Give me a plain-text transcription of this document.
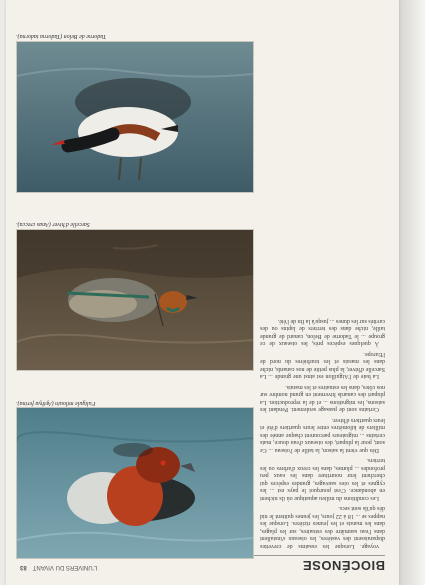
BIOCÉNOSE
L'UNIVERS DU VIVANT83
Fuligule milouin (Aythya ferina).
Sarcelle d'hiver (Anas crecca).
Tadorne de Belon (Tadorna tadorna).

voyage. Lorsque les essaims de crevettes disparaissent des vasières, les oiseaux s'installent dans l'eau saumâtre des estuaires, sur les plages, dans les marais et les jeunes rizières. Lorsque les nappes se ... 18 à 22 jours, les jeunes quittent le nid dès qu'ils sont secs.

Les conditions du milieu aquatique où ils nichent en abondance. C'est pourquoi le pays est ... les cygnes et les oies sauvages, grandes espèces qui cherchent leur nourriture dans les eaux peu profondes ... plumes, dans les creux d'arbres ou les terriers.

Dès que vient la saison, la taille de l'oiseau ... Ce sont, pour la plupart, des oiseaux d'eau douce, mais certains ... migrateurs parcourent chaque année des milliers de kilomètres entre leurs quartiers d'été et leurs quartiers d'hiver.

Certains sont de passage seulement. Pendant les saisons, les migrations ... et de la reproduction. La plupart des canards hivernent en grand nombre sur nos côtes, dans les estuaires et les marais.

La baie de l'Aiguillon est ainsi une grande ... La Sarcelle d'hiver, la plus petite de nos canards, niche dans les marais et les tourbières du nord de l'Europe.

À quelques espèces près, les oiseaux de ce groupe ... le Tadorne de Belon, canard de grande taille, niche dans des terriers de lapins ou des cavités sur les dunes ... jusqu'à la fin de l'été.
